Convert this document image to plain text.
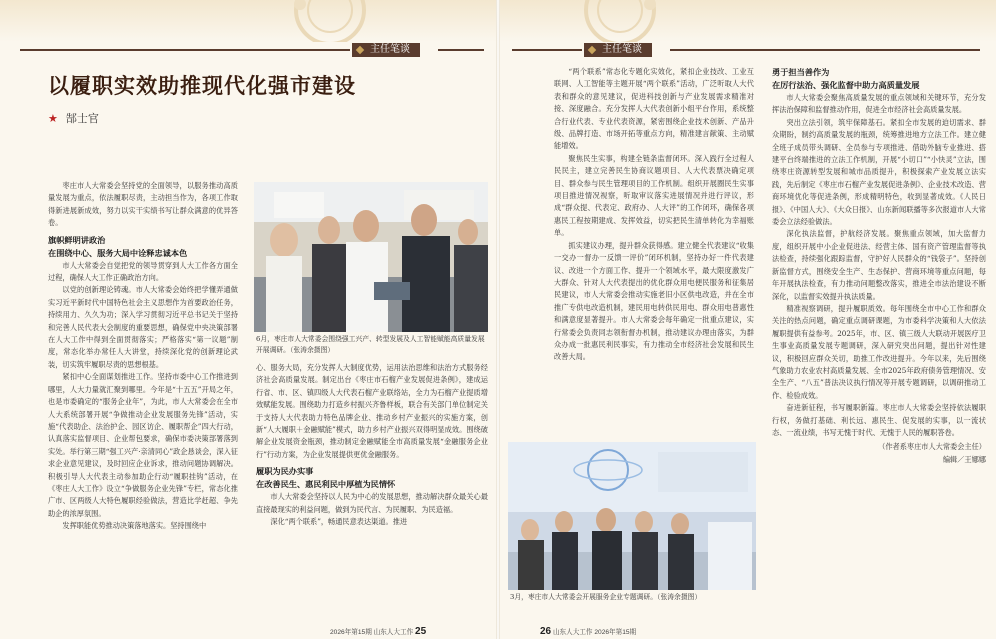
主任笔谈
以履职实效助推现代化强市建设
★ 郜士官

枣庄市人大常委会坚持党的全面领导，以服务推动高质量发展为重点，依法履职尽责，主动担当作为，各项工作取得新进展新成效，努力以实干实绩书写让群众满意的优异答卷。

旗帜鲜明讲政治
在围绕中心、服务大局中诠释忠诚本色

市人大常委会自觉把党的领导贯穿到人大工作各方面全过程，确保人大工作正确政治方向。

以党的创新理论铸魂。市人大常委会始终把学懂弄通做实习近平新时代中国特色社会主义思想作为首要政治任务，持续用力、久久为功；深入学习贯彻习近平总书记关于坚持和完善人民代表大会制度的重要思想，确保党中央决策部署在人大工作中得到全面贯彻落实；严格落实“第一议题”制度，常态化举办常任人大讲堂，持续深化党的创新理论武装，切实筑牢履职尽责的思想根基。

紧扣中心全面谋划推进工作。坚持市委中心工作推进到哪里，人大力量就汇聚到哪里。今年是“十五五”开局之年，也是市委确定的“服务企业年”，为此，市人大常委会在全市人大系统部署开展“争做推动企业发展服务先锋”活动，实施“代表助企、法治护企、园区访企、履职帮企”四大行动，认真落实监督项目、企业帮包要求，确保市委决策部署落到实处。举行第三期“强工兴产·亲清同心”政企恳谈会，深入征求企业意见建议，及时回应企业诉求，推动问题协调解决。积极引导人大代表主动参加助企行动“履职挂钩”活动，在《枣庄人大工作》设立“争做服务企业先锋”专栏，常态化推广市、区两级人大特色履职经验做法，营造比学赶超、争先助企的浓厚氛围。

发挥职能优势推动决策落地落实。坚持围绕中

6月，枣庄市人大常委会围绕强工兴产、转型发展及人工智能赋能高质量发展开展调研。（张涛余摄图）

心、服务大局，充分发挥人大制度优势，运用法治思维和法治方式服务经济社会高质量发展。制定出台《枣庄市石榴产业发展促进条例》，建成运行省、市、区、镇四级人大代表石榴产业联络站，全力为石榴产业提质增效赋能发展。围绕助力打造乡村振兴齐鲁样板，联合有关部门单位制定关于支持人大代表助力特色品牌企业、推动乡村产业振兴的实施方案，创新“人大履职＋金融赋能”模式，助力乡村产业振兴双得明显成效。围绕破解企业发展资金瓶颈，推动制定金融赋能全市高质量发展“金融服务企业行”行动方案，为企业发展提供更优金融服务。

履职为民办实事
在改善民生、惠民利民中厚植为民情怀

市人大常委会坚持以人民为中心的发展思想，推动解决群众最关心最直接最现实的利益问题，做到为民代言、为民履职、为民造福。

深化“两个联系”，畅通民意表达渠道。推进

2026年第15期 山东人大工作 25
主任笔谈

“两个联系”常态化专题化实效化，紧扣企业技改、工业互联网、人工智能等主题开展“两个联系”活动，广泛听取人大代表和群众的意见建议，促进科技创新与产业发展需求精准对接、深度融合。充分发挥人大代表创新小组平台作用，系统整合行业代表、专业代表资源，紧密围绕企业技术创新、产品升级、品牌打造、市场开拓等重点方向，精准建言献策、主动赋能增效。

聚焦民生实事，构建全链条监督闭环。深入践行全过程人民民主，建立完善民生协商议题项目、人大代表票决确定项目、群众参与民生管理项目的工作机制。组织开展圈民生实事项目推进情况视察，听取审议落实进展情况并进行评议，形成“群众提、代表定、政府办、人大评”的工作闭环，确保各项惠民工程按期建成、发挥效益，切实把民生清单转化为幸福账单。

抓实建议办理，提升群众获得感。建立健全代表建议“收集一交办一督办一反馈一评价”闭环机制，坚持办好一件代表建议、改进一个方面工作、提升一个领域水平，最大限度激发广大群众、针对人大代表提出的优化群众用电便民服务和征集居民建议，市人大常委会推动实施老旧小区供电改造，并在全市推广专供电改造机制，建民用电转供民用电、群众用电普惠性和满意度显著提升。市人大常委会每年确定一批重点建议，实行常委会负责同志领衔督办机制，推动建议办理由落实，为群众办成一批惠民利民事实，有力推动全市经济社会发展和民生改善大局。

3月，枣庄市人大常委会开展服务企业专题调研。（张涛余摄图）
勇于担当善作为
在厉行法治、强化监督中助力高质量发展

市人大常委会聚焦高质量发展的重点领域和关键环节，充分发挥法治保障和监督推动作用，促进全市经济社会高质量发展。

突出立法引领，筑牢保障基石。紧扣全市发展的迫切需求、群众期盼，制约高质量发展的瓶颈，统筹推进地方立法工作。建立健全班子成员带头调研、全员参与专项推进、借助外脑专业推进、搭建平台终端推进的立法工作机制，开展“小切口”“小快灵”立法，围绕枣庄资源转型发展和城市品质提升，积极探索产业发展立法实践，先后制定《枣庄市石榴产业发展促进条例》、企业技术改造、营商环境优化等促进条例，形成精明特色，收到显著成效。《人民日报》、《中国人大》、《大众日报》、山东新闻联播等多次报道市人大常委会立法经验做法。

深化执法监督，护航经济发展。聚焦重点领域，加大监督力度，组织开展中小企业促进法、经营主体、国有资产管理监督等执法检查，持续强化跟踪监督，守护好人民群众的“钱袋子”。坚持创新监督方式，围绕安全生产、生态保护、营商环境等重点问题，每年开展执法检查，有力推动问题整改落实，推进全市法治建设不断深化，以监督实效提升执法质量。

精准视察调研，提升履职质效。每年围绕全市中心工作和群众关注的热点问题，确定重点调研课题，为市委科学决策和人大依法履职提供有益参考。2025年，市、区、镇三级人大联动开展医疗卫生事业高质量发展专题调研，深入研究突出问题，提出针对性建议，积极回应群众关切，助推工作改进提升。今年以来，先后围绕气象助力农业农村高质量发展、全市2025年政府债务管理情况、安全生产、“八五”普法决议执行情况等开展专题调研，以调研推动工作、检验成效。

奋进新征程，书写履职新篇。枣庄市人大常委会坚持依法履职行权，务做打基础、利长远、惠民生、促发展的实事，以一流状态、一流业绩，书写无愧于时代、无愧于人民的履职答卷。

（作者系枣庄市人大常委会主任）
编辑／王娜娜
26 山东人大工作 2026年第15期
